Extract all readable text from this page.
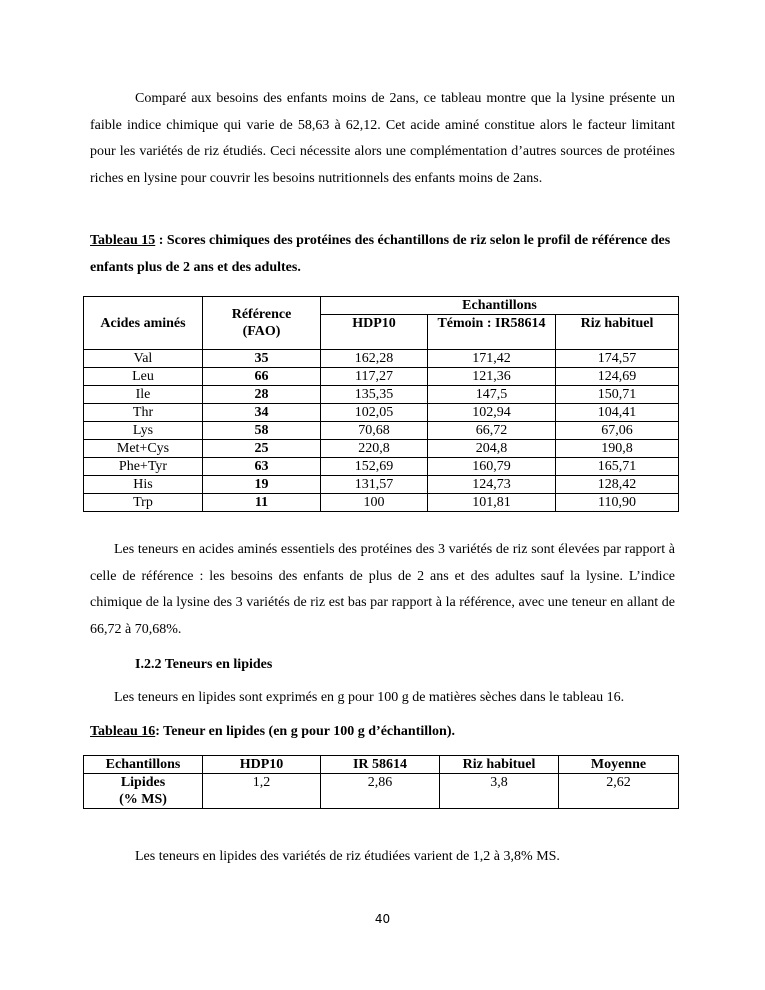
Comparé aux besoins des enfants moins de 2ans, ce tableau montre que la lysine présente un faible indice chimique qui varie de 58,63 à 62,12. Cet acide aminé constitue alors le facteur limitant pour les variétés de riz étudiés. Ceci nécessite alors une complémentation d’autres sources de protéines riches en lysine pour couvrir les besoins nutritionnels des enfants moins de 2ans.

Tableau 15 : Scores chimiques des protéines des échantillons de riz selon le profil de référence des enfants plus de 2 ans et des adultes.

Acides aminés	Référence (FAO)	Echantillons		
		HDP10	Témoin : IR58614	Riz habituel
Val	35	162,28	171,42	174,57
Leu	66	117,27	121,36	124,69
Ile	28	135,35	147,5	150,71
Thr	34	102,05	102,94	104,41
Lys	58	70,68	66,72	67,06
Met+Cys	25	220,8	204,8	190,8
Phe+Tyr	63	152,69	160,79	165,71
His	19	131,57	124,73	128,42
Trp	11	100	101,81	110,90

Les teneurs en acides aminés essentiels des protéines des 3 variétés de riz sont élevées par rapport à celle de référence : les besoins des enfants de plus de 2 ans et des adultes sauf la lysine. L’indice chimique de la lysine des 3 variétés de riz est bas par rapport à la référence, avec une teneur en allant de 66,72 à 70,68%.

I.2.2 Teneurs en lipides

Les teneurs en lipides sont exprimés en g pour 100 g de matières sèches dans le tableau 16.

Tableau 16: Teneur en lipides (en g pour 100 g d’échantillon).

Echantillons	HDP10	IR 58614	Riz habituel	Moyenne
Lipides (% MS)	1,2	2,86	3,8	2,62

Les teneurs en lipides des variétés de riz étudiées varient de 1,2 à 3,8% MS.

40
